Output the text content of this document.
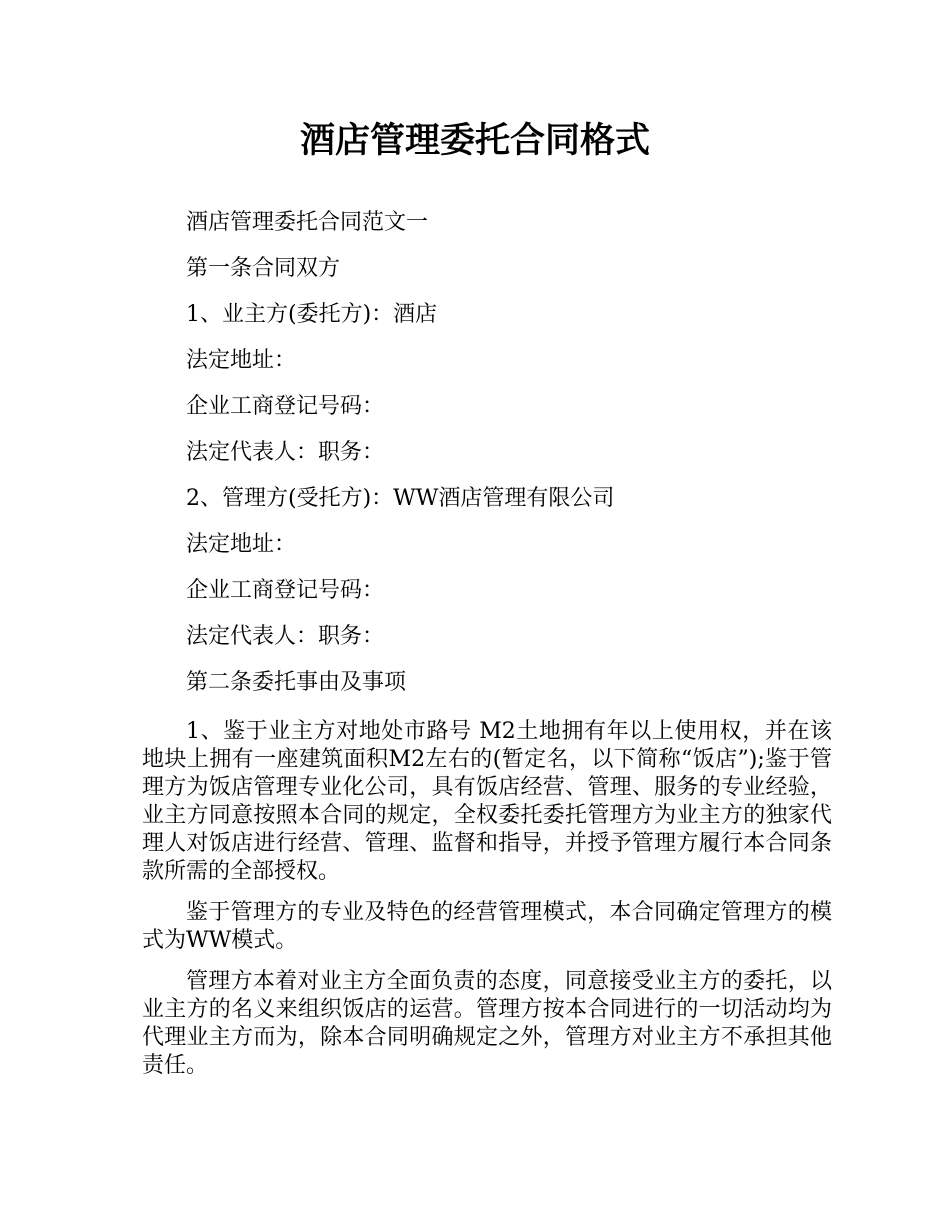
酒店管理委托合同格式

酒店管理委托合同范文一

第一条合同双方

1、业主方(委托方)：酒店

法定地址：

企业工商登记号码：

法定代表人：职务：

2、管理方(受托方)：WW酒店管理有限公司

法定地址：

企业工商登记号码：

法定代表人：职务：

第二条委托事由及事项

1、鉴于业主方对地处市路号 M2土地拥有年以上使用权，并在该地块上拥有一座建筑面积M2左右的(暂定名，以下简称“饭店”);鉴于管理方为饭店管理专业化公司，具有饭店经营、管理、服务的专业经验，业主方同意按照本合同的规定，全权委托委托管理方为业主方的独家代理人对饭店进行经营、管理、监督和指导，并授予管理方履行本合同条款所需的全部授权。

鉴于管理方的专业及特色的经营管理模式，本合同确定管理方的模式为WW模式。

管理方本着对业主方全面负责的态度，同意接受业主方的委托，以业主方的名义来组织饭店的运营。管理方按本合同进行的一切活动均为代理业主方而为，除本合同明确规定之外，管理方对业主方不承担其他责任。
